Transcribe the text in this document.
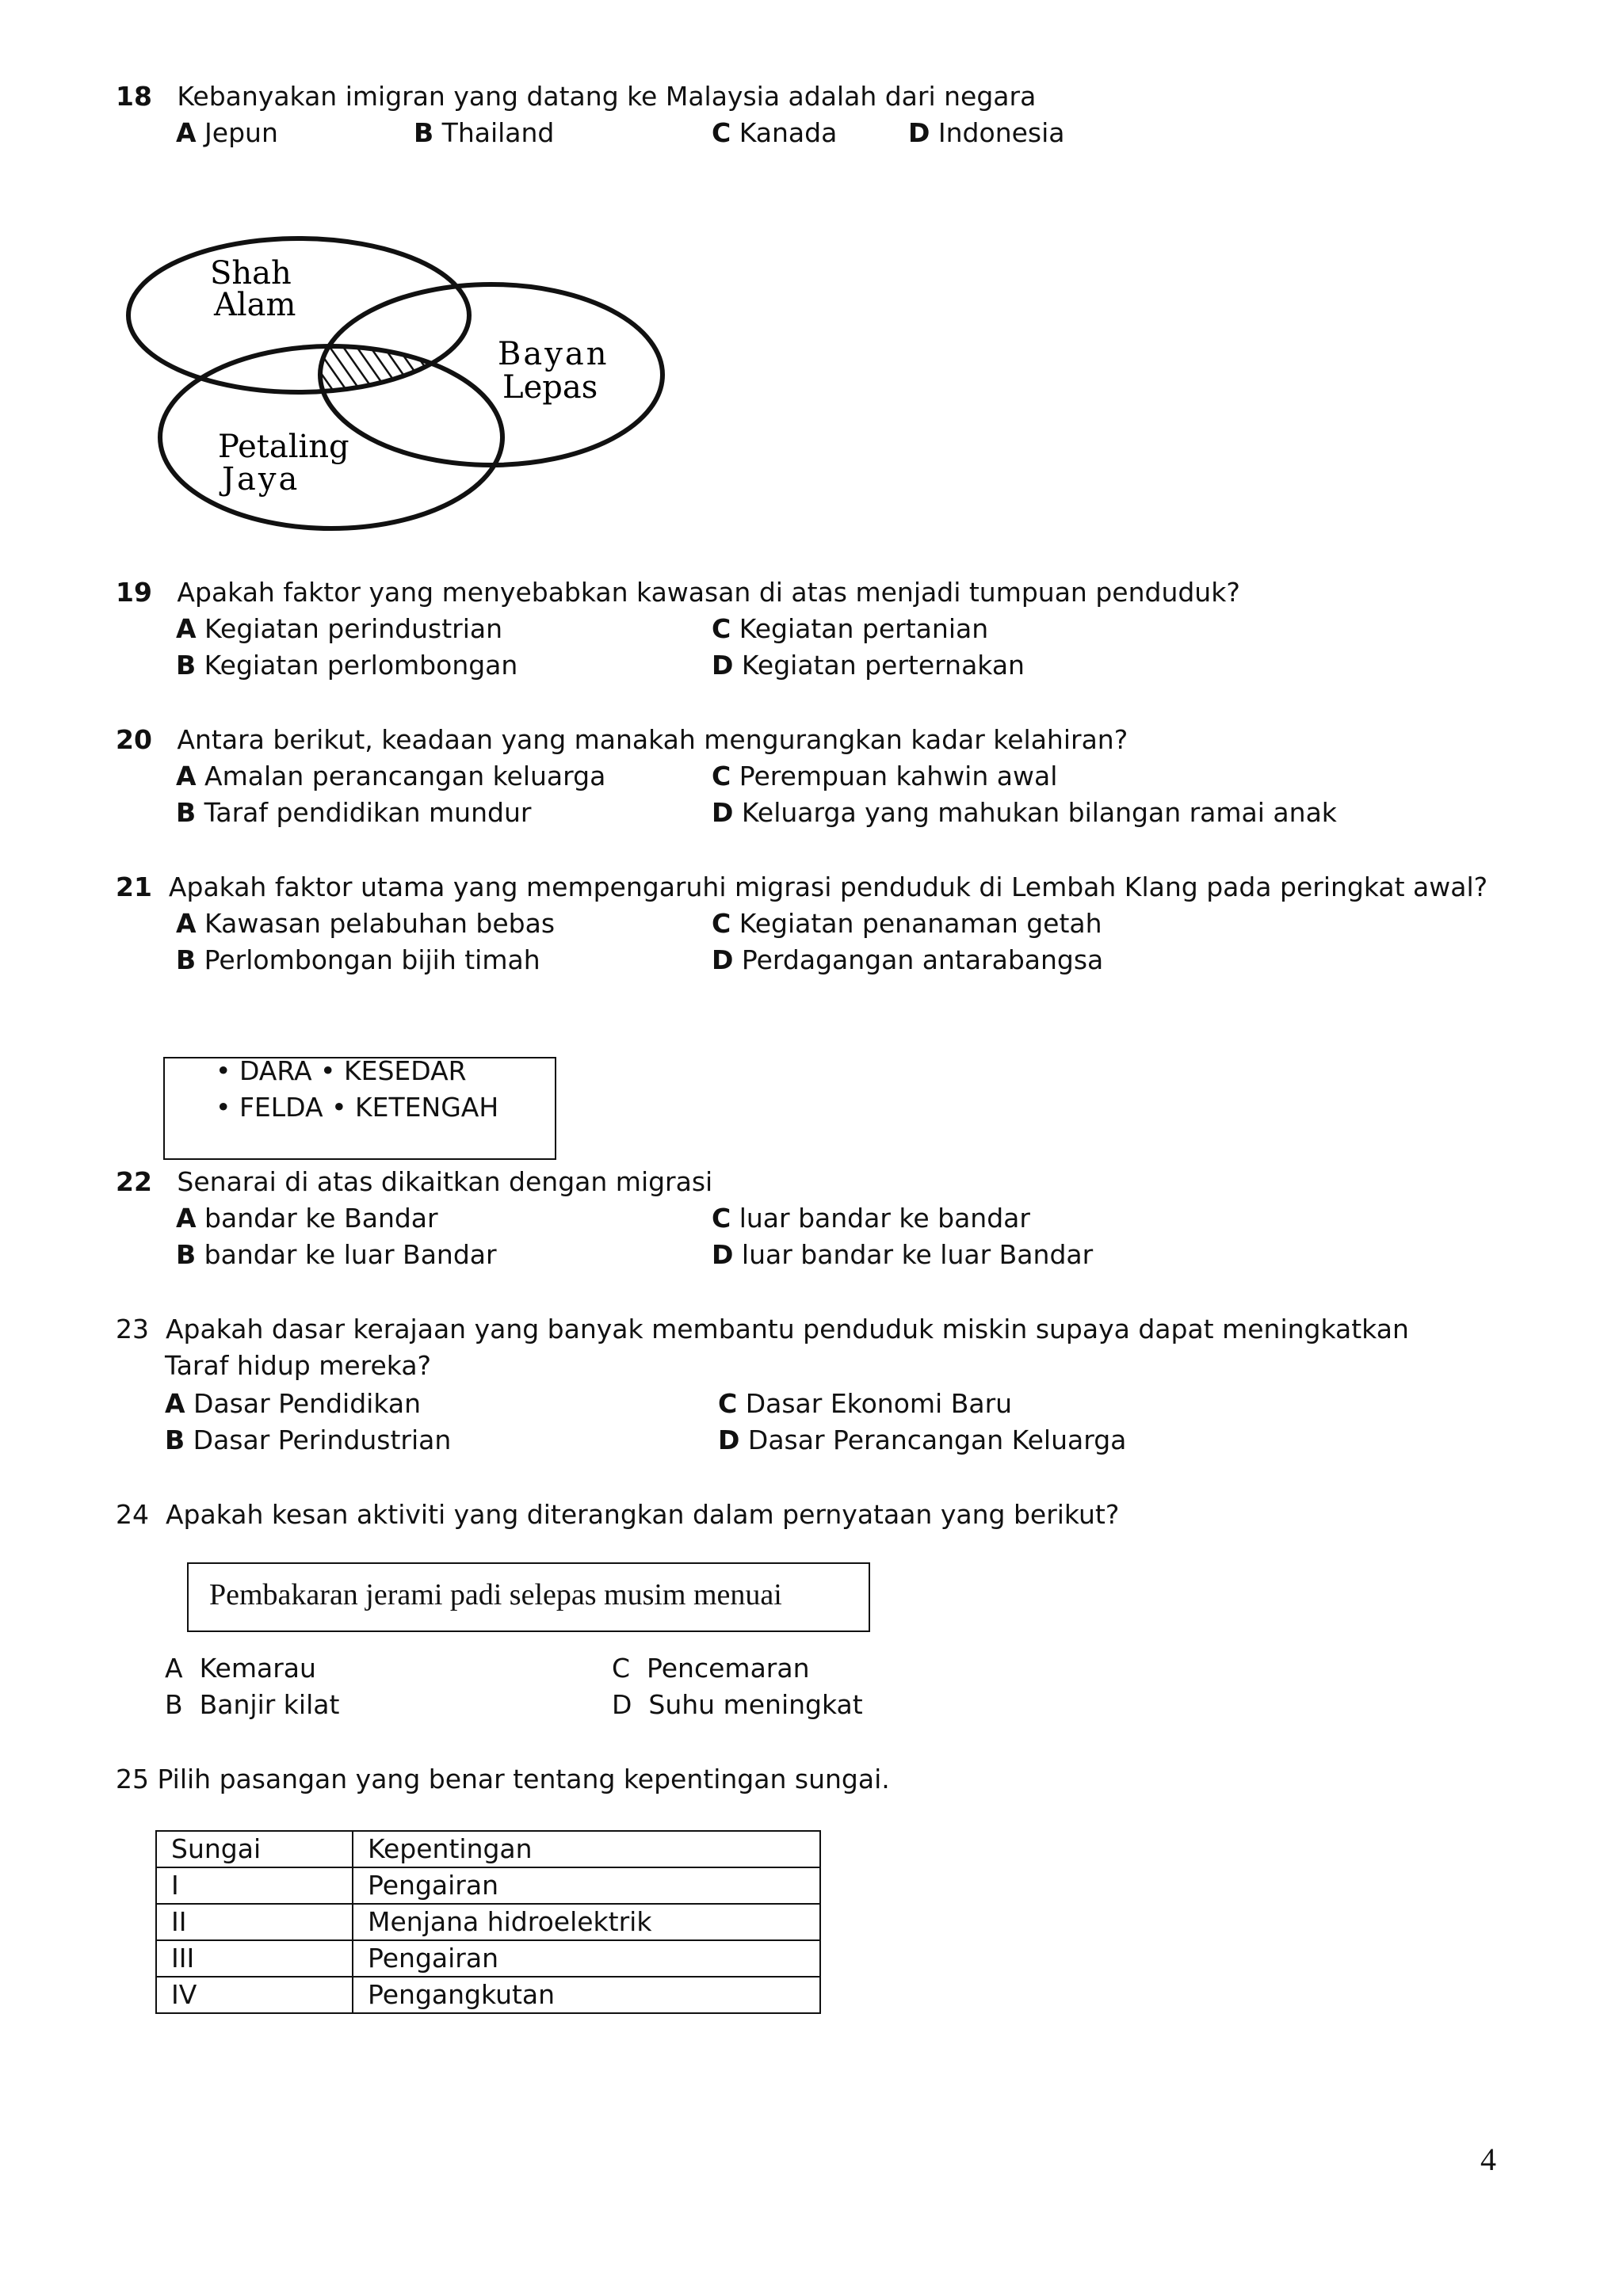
18 Kebanyakan imigran yang datang ke Malaysia adalah dari negara
A Jepun	B Thailand	C Kanada	D Indonesia
Shah
Alam
Bayan
Lepas
Petaling
Jaya
19 Apakah faktor yang menyebabkan kawasan di atas menjadi tumpuan penduduk?
A Kegiatan perindustrian
B Kegiatan perlombongan
C Kegiatan pertanian
D Kegiatan perternakan
20 Antara berikut, keadaan yang manakah mengurangkan kadar kelahiran?
A Amalan perancangan keluarga
B Taraf pendidikan mundur
C Perempuan kahwin awal
D Keluarga yang mahukan bilangan ramai anak
21 Apakah faktor utama yang mempengaruhi migrasi penduduk di Lembah Klang pada peringkat awal?
A Kawasan pelabuhan bebas
B Perlombongan bijih timah
C Kegiatan penanaman getah
D Perdagangan antarabangsa
• DARA • KESEDAR
• FELDA • KETENGAH
22 Senarai di atas dikaitkan dengan migrasi
A bandar ke Bandar
B bandar ke luar Bandar
C luar bandar ke bandar
D luar bandar ke luar Bandar
23 Apakah dasar kerajaan yang banyak membantu penduduk miskin supaya dapat meningkatkan
Taraf hidup mereka?
A Dasar Pendidikan
B Dasar Perindustrian
C Dasar Ekonomi Baru
D Dasar Perancangan Keluarga
24 Apakah kesan aktiviti yang diterangkan dalam pernyataan yang berikut?
Pembakaran jerami padi selepas musim menuai
A Kemarau
B Banjir kilat
C Pencemaran
D Suhu meningkat
25 Pilih pasangan yang benar tentang kepentingan sungai.
Sungai	Kepentingan
I	Pengairan
II	Menjana hidroelektrik
III	Pengairan
IV	Pengangkutan
4
